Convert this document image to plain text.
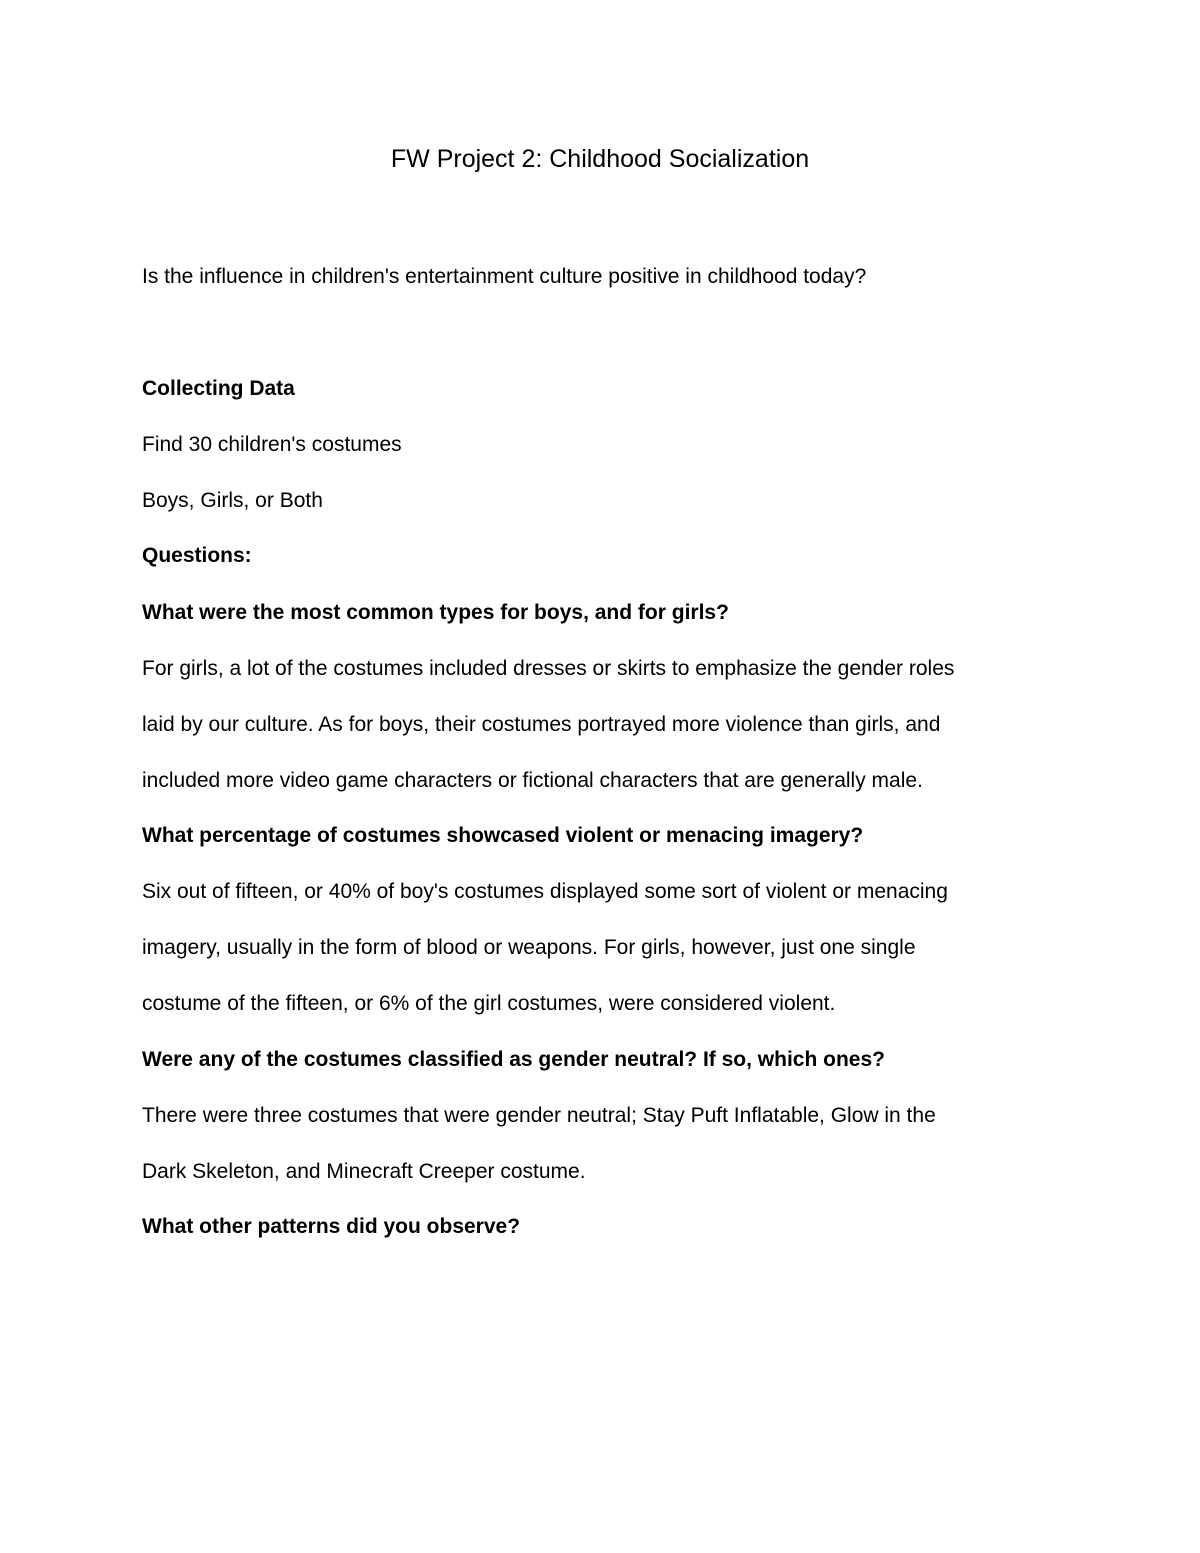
FW Project 2: Childhood Socialization
Is the influence in children's entertainment culture positive in childhood today?
Collecting Data
Find 30 children's costumes
Boys, Girls, or Both
Questions:
What were the most common types for boys, and for girls?
For girls, a lot of the costumes included dresses or skirts to emphasize the gender roles
laid by our culture. As for boys, their costumes portrayed more violence than girls, and
included more video game characters or fictional characters that are generally male.
What percentage of costumes showcased violent or menacing imagery?
Six out of fifteen, or 40% of boy's costumes displayed some sort of violent or menacing
imagery, usually in the form of blood or weapons. For girls, however, just one single
costume of the fifteen, or 6% of the girl costumes, were considered violent.
Were any of the costumes classified as gender neutral? If so, which ones?
There were three costumes that were gender neutral; Stay Puft Inflatable, Glow in the
Dark Skeleton, and Minecraft Creeper costume.
What other patterns did you observe?
